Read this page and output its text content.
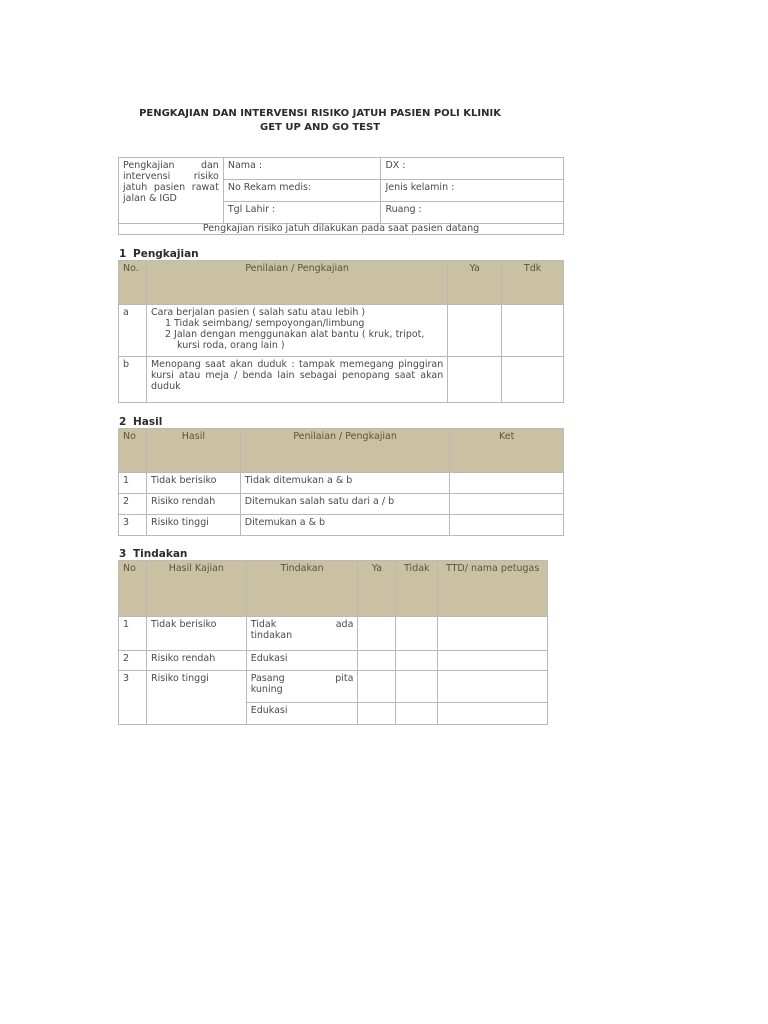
PENGKAJIAN DAN INTERVENSI RISIKO JATUH PASIEN POLI KLINIK
GET UP AND GO TEST
Pengkajian dan intervensi risiko jatuh pasien rawat jalan & IGD	Nama :	DX :
	No Rekam medis:	Jenis kelamin :
	Tgl Lahir :	Ruang :
Pengkajian risiko jatuh dilakukan pada saat pasien datang		
1 Pengkajian
No.	Penilaian / Pengkajian	Ya	Tdk
a	Cara berjalan pasien ( salah satu atau lebih )
1 Tidak seimbang/ sempoyongan/limbung
2 Jalan dengan menggunakan alat bantu ( kruk, tripot,
kursi roda, orang lain )		

b	Menopang saat akan duduk : tampak memegang pinggiran kursi atau meja / benda lain sebagai penopang saat akan duduk		
2 Hasil
No	Hasil	Penilaian / Pengkajian	Ket
1	Tidak berisiko	Tidak ditemukan a & b	
2	Risiko rendah	Ditemukan salah satu dari a / b	
3	Risiko tinggi	Ditemukan a & b	
3 Tindakan
No	Hasil Kajian	Tindakan	Ya	Tidak	TTD/ nama petugas
1	Tidak berisiko	Tidak ada
tindakan			
2	Risiko rendah	Edukasi			
3	Risiko tinggi	Pasang pita
kuning			
		Edukasi			
